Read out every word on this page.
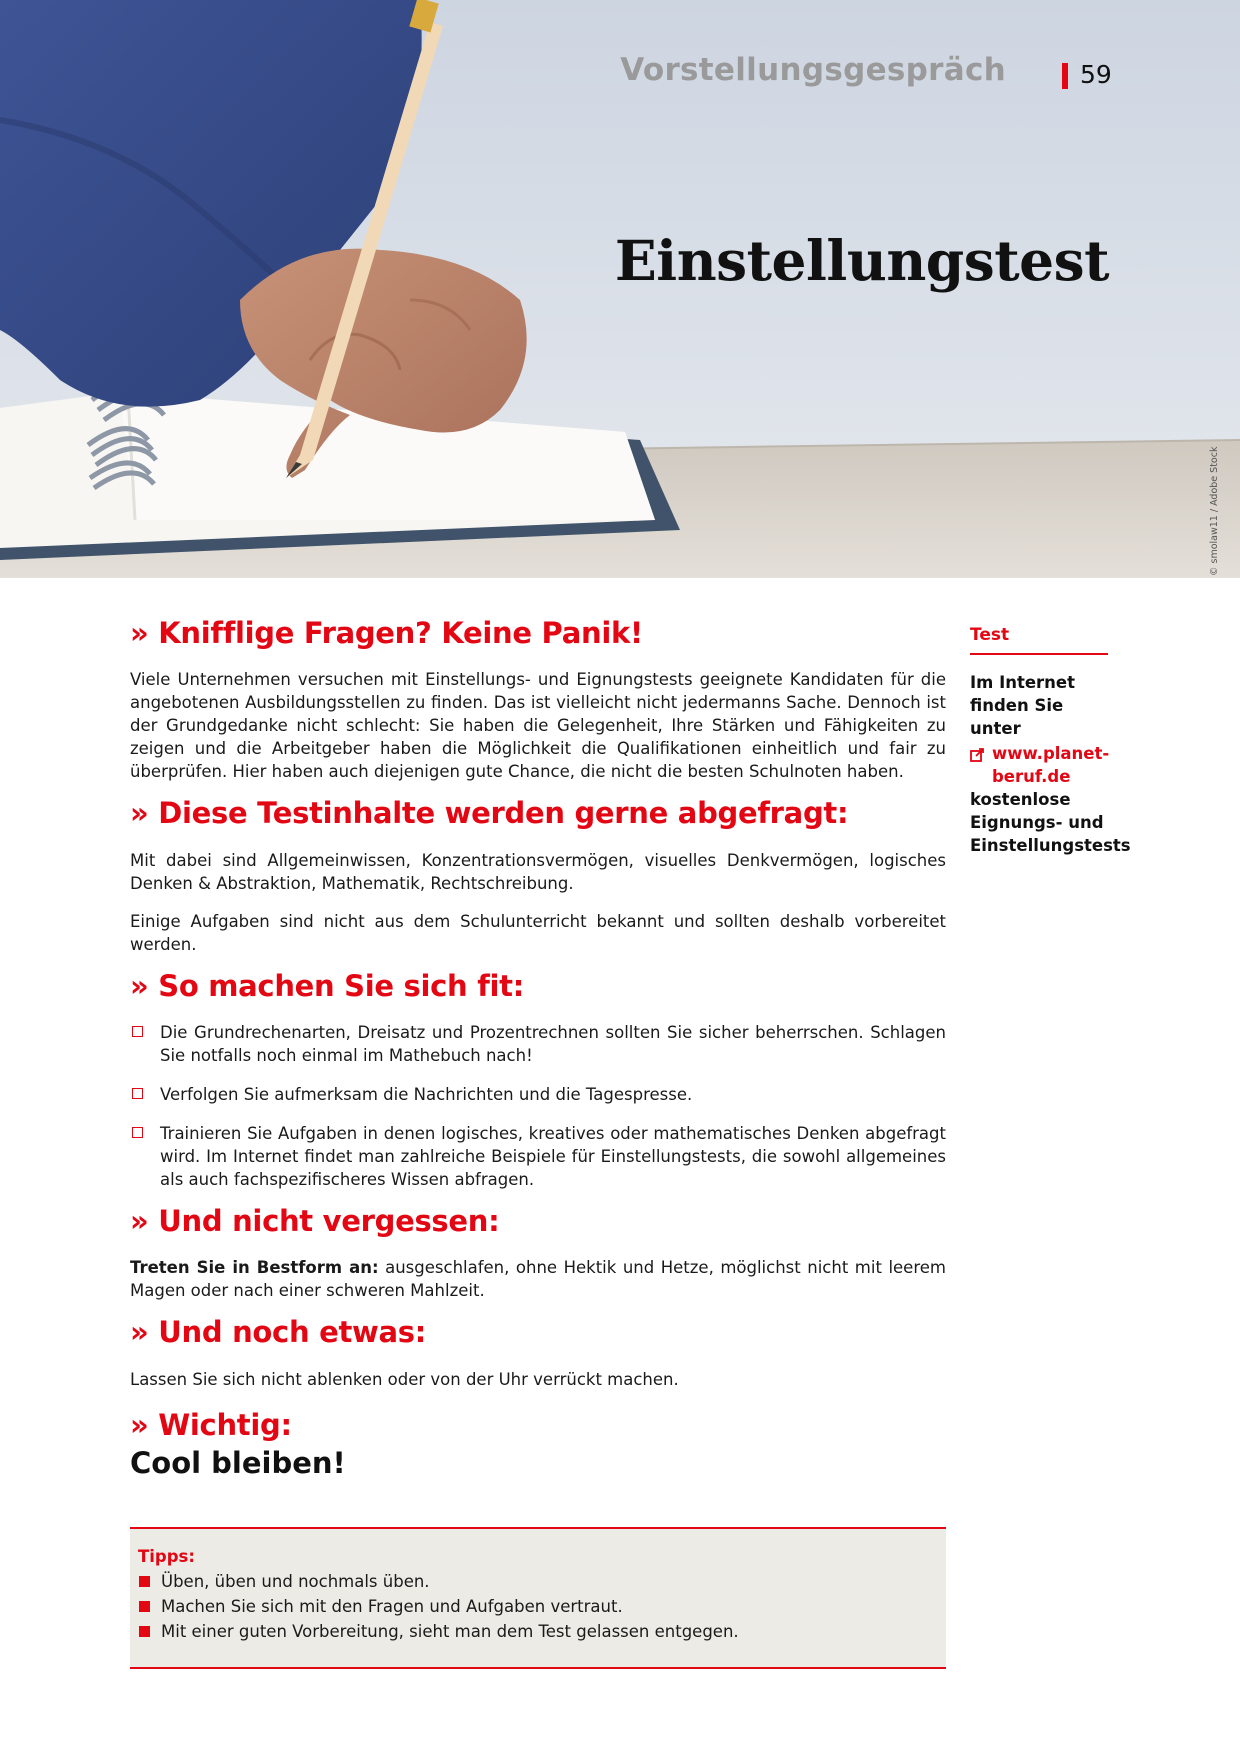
Vorstellungsgespräch	59
Einstellungstest
© smolaw11 / Adobe Stock
» Knifflige Fragen? Keine Panik!

Viele Unternehmen versuchen mit Einstellungs- und Eignungstests geeignete Kandidaten für die angebotenen Ausbildungsstellen zu finden. Das ist vielleicht nicht jedermanns Sache. Dennoch ist der Grundgedanke nicht schlecht: Sie haben die Gelegenheit, Ihre Stärken und Fähigkeiten zu zeigen und die Arbeitgeber haben die Möglichkeit die Qualifikationen einheitlich und fair zu überprüfen. Hier haben auch diejenigen gute Chance, die nicht die besten Schulnoten haben.

» Diese Testinhalte werden gerne abgefragt:

Mit dabei sind Allgemeinwissen, Konzentrationsvermögen, visuelles Denkvermögen, logisches Denken & Abstraktion, Mathematik, Rechtschreibung.

Einige Aufgaben sind nicht aus dem Schulunterricht bekannt und sollten deshalb vorbereitet werden.

» So machen Sie sich fit:
Die Grundrechenarten, Dreisatz und Prozentrechnen sollten Sie sicher beherrschen. Schlagen Sie notfalls noch einmal im Mathebuch nach!
Verfolgen Sie aufmerksam die Nachrichten und die Tagespresse.
Trainieren Sie Aufgaben in denen logisches, kreatives oder mathematisches Denken abgefragt wird. Im Internet findet man zahlreiche Beispiele für Einstellungstests, die sowohl allgemeines als auch fachspezifischeres Wissen abfragen.
» Und nicht vergessen:

Treten Sie in Bestform an: ausgeschlafen, ohne Hektik und Hetze, möglichst nicht mit leerem Magen oder nach einer schweren Mahlzeit.

» Und noch etwas:

Lassen Sie sich nicht ablenken oder von der Uhr verrückt machen.

» Wichtig:

Cool bleiben!

Test

Im Internet finden Sie unter

www.planet-
beruf.de

kostenlose Eignungs- und Einstellungstests

Tipps:
Üben, üben und nochmals üben.
Machen Sie sich mit den Fragen und Aufgaben vertraut.
Mit einer guten Vorbereitung, sieht man dem Test gelassen entgegen.
